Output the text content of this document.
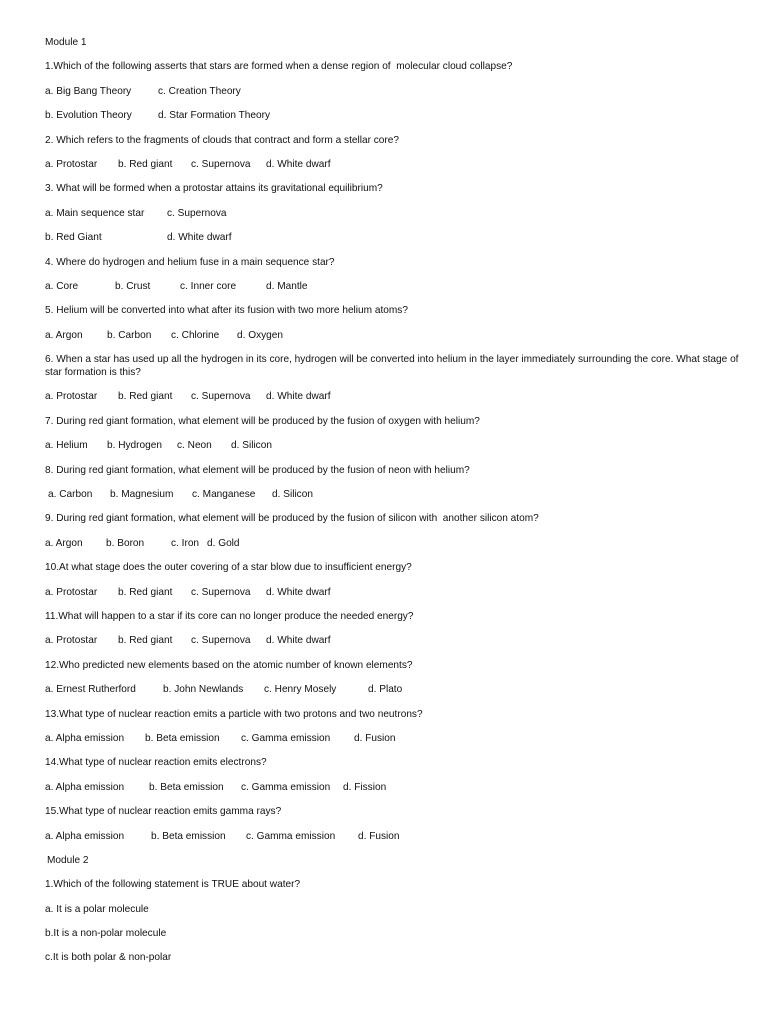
Module 1
1.Which of the following asserts that stars are formed when a dense region of  molecular cloud collapse?
a. Big Bang Theory	c. Creation Theory
b. Evolution Theory	d. Star Formation Theory
2. Which refers to the fragments of clouds that contract and form a stellar core?
a. Protostar b. Red giant c. Supernova d. White dwarf
3. What will be formed when a protostar attains its gravitational equilibrium?
a. Main sequence star c. Supernova
b. Red Giant	d. White dwarf
4. Where do hydrogen and helium fuse in a main sequence star?
a. Core	b. Crust	c. Inner core	d. Mantle
5. Helium will be converted into what after its fusion with two more helium atoms?
a. Argon b. Carbon c. Chlorine d. Oxygen
6. When a star has used up all the hydrogen in its core, hydrogen will be converted into helium in the layer immediately surrounding the core. What stage of star formation is this?
a. Protostar b. Red giant c. Supernova d. White dwarf
7. During red giant formation, what element will be produced by the fusion of oxygen with helium?
a. Helium b. Hydrogen c. Neon d. Silicon
8. During red giant formation, what element will be produced by the fusion of neon with helium?
a. Carbon b. Magnesium c. Manganese d. Silicon
9. During red giant formation, what element will be produced by the fusion of silicon with  another silicon atom?
a. Argon b. Boron	c. Iron d. Gold
10.At what stage does the outer covering of a star blow due to insufficient energy?
a. Protostar b. Red giant c. Supernova d. White dwarf
11.What will happen to a star if its core can no longer produce the needed energy?
a. Protostar b. Red giant c. Supernova d. White dwarf
12.Who predicted new elements based on the atomic number of known elements?
a. Ernest Rutherford	b. John Newlands c. Henry Mosely	d. Plato
13.What type of nuclear reaction emits a particle with two protons and two neutrons?
a. Alpha emission b. Beta emission c. Gamma emission d. Fusion
14.What type of nuclear reaction emits electrons?
a. Alpha emission b. Beta emission c. Gamma emission d. Fission
15.What type of nuclear reaction emits gamma rays?
a. Alpha emission	b. Beta emission c. Gamma emission d. Fusion
Module 2
1.Which of the following statement is TRUE about water?
a. It is a polar molecule
b.It is a non-polar molecule
c.It is both polar & non-polar
